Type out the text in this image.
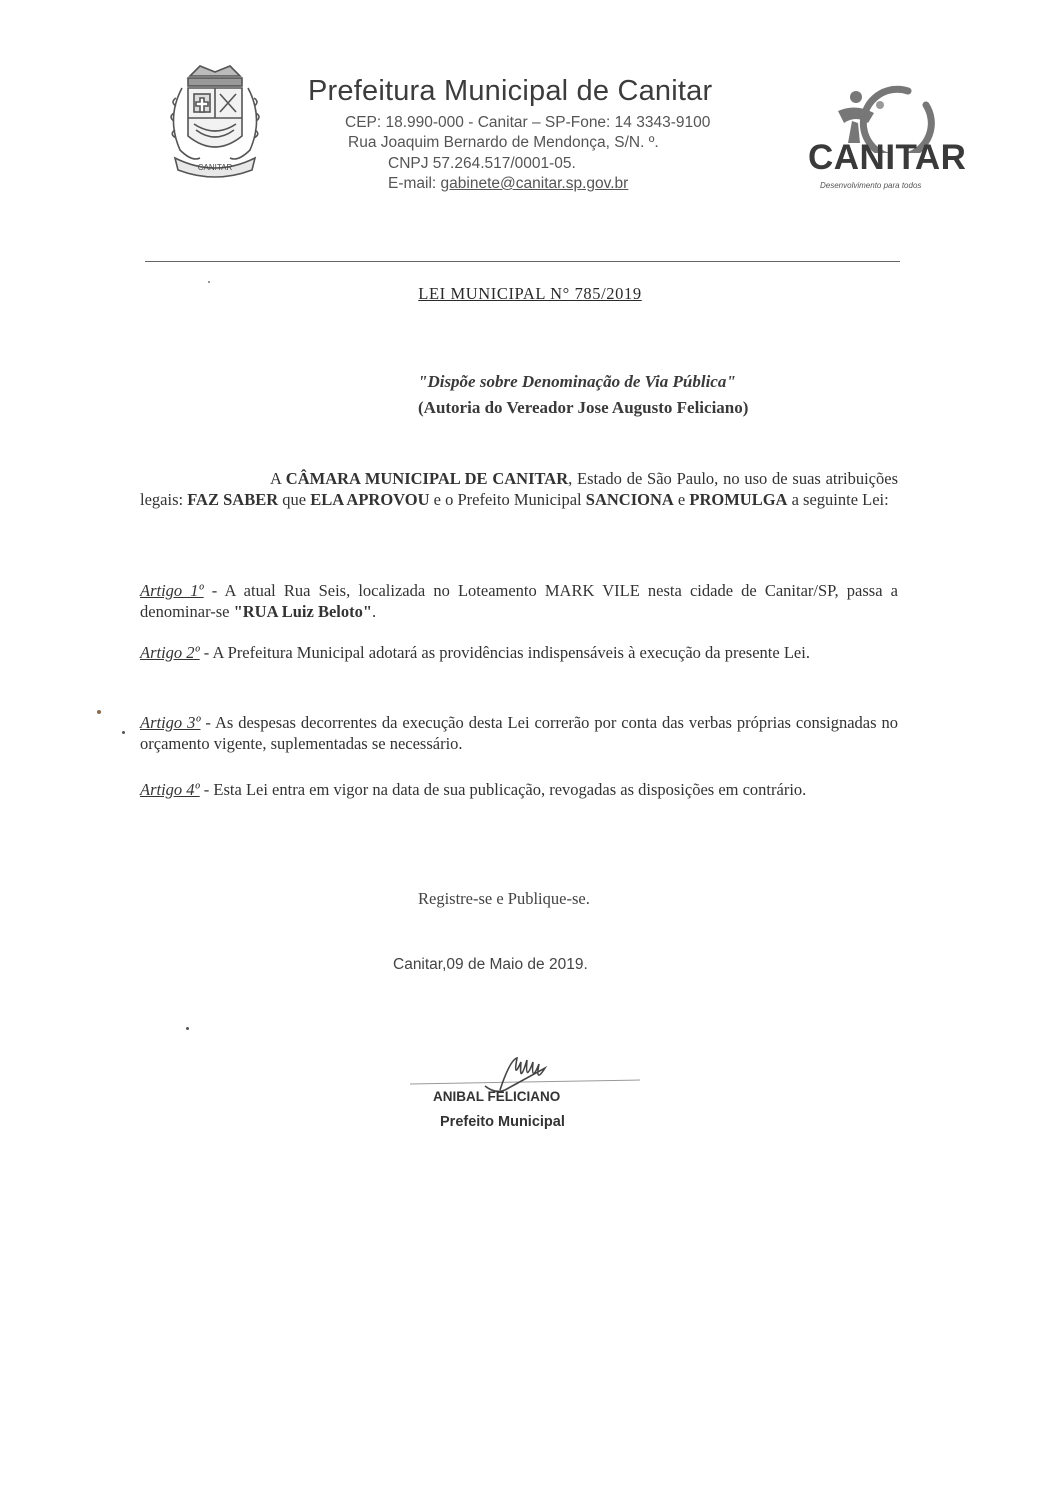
CANITAR
Prefeitura Municipal de Canitar
CEP: 18.990-000 - Canitar – SP-Fone: 14 3343-9100
Rua Joaquim Bernardo de Mendonça, S/N. º.
CNPJ 57.264.517/0001-05.
E-mail: gabinete@canitar.sp.gov.br
CANITAR
Desenvolvimento para todos
LEI MUNICIPAL N° 785/2019
"Dispõe sobre Denominação de Via Pública"
(Autoria do Vereador Jose Augusto Feliciano)
A CÂMARA MUNICIPAL DE CANITAR, Estado de São Paulo, no uso de suas atribuições legais: FAZ SABER que ELA APROVOU e o Prefeito Municipal SANCIONA e PROMULGA a seguinte Lei:
Artigo 1º - A atual Rua Seis, localizada no Loteamento MARK VILE nesta cidade de Canitar/SP, passa a denominar-se "RUA Luiz Beloto".
Artigo 2º - A Prefeitura Municipal adotará as providências indispensáveis à execução da presente Lei.
Artigo 3º - As despesas decorrentes da execução desta Lei correrão por conta das verbas próprias consignadas no orçamento vigente, suplementadas se necessário.
Artigo 4º - Esta Lei entra em vigor na data de sua publicação, revogadas as disposições em contrário.
Registre-se e Publique-se.
Canitar,09 de Maio de 2019.
ANIBAL FELICIANO
Prefeito Municipal
